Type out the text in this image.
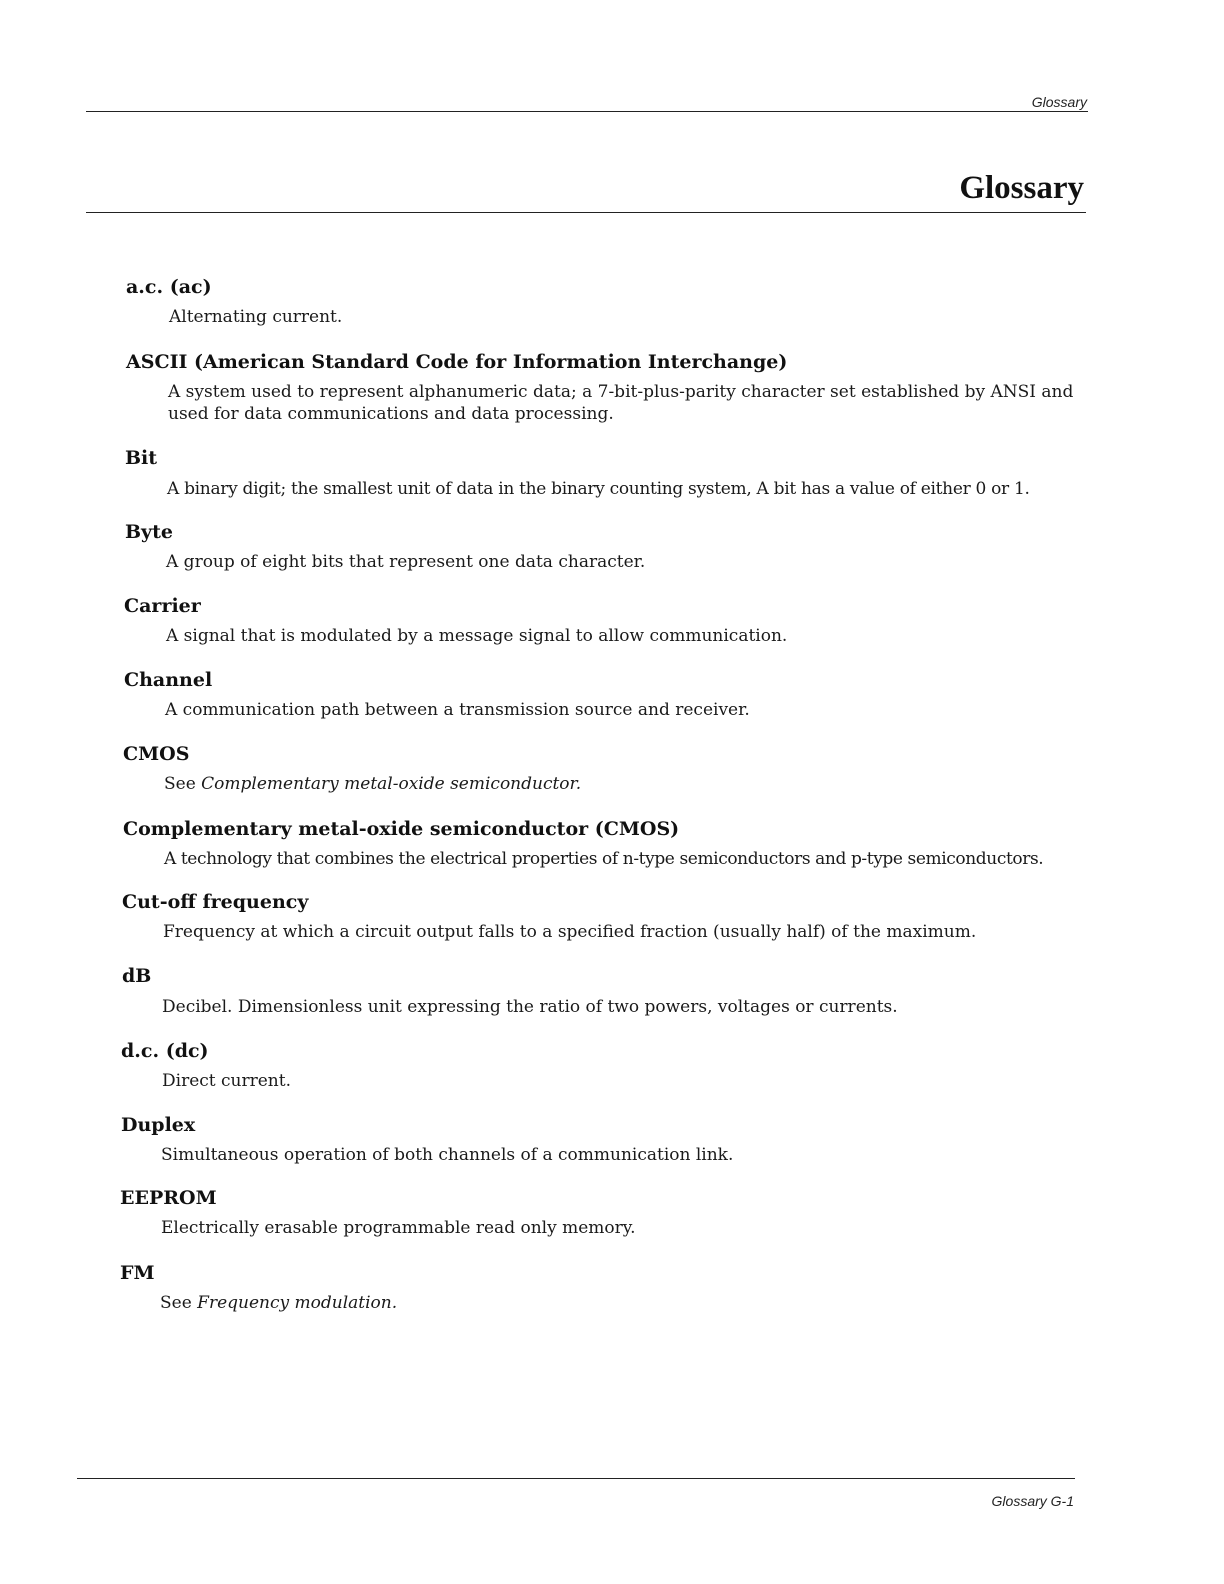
Glossary
Glossary
a.c. (ac)
Alternating current.
ASCII (American Standard Code for Information Interchange)
A system used to represent alphanumeric data; a 7-bit-plus-parity character set established by ANSI and used for data communications and data processing.
Bit
A binary digit; the smallest unit of data in the binary counting system, A bit has a value of either 0 or 1.
Byte
A group of eight bits that represent one data character.
Carrier
A signal that is modulated by a message signal to allow communication.
Channel
A communication path between a transmission source and receiver.
CMOS
See Complementary metal-oxide semiconductor.
Complementary metal-oxide semiconductor (CMOS)
A technology that combines the electrical properties of n-type semiconductors and p-type semiconductors.
Cut-off frequency
Frequency at which a circuit output falls to a specified fraction (usually half) of the maximum.
dB
Decibel. Dimensionless unit expressing the ratio of two powers, voltages or currents.
d.c. (dc)
Direct current.
Duplex
Simultaneous operation of both channels of a communication link.
EEPROM
Electrically erasable programmable read only memory.
FM
See Frequency modulation.
Glossary G-1
